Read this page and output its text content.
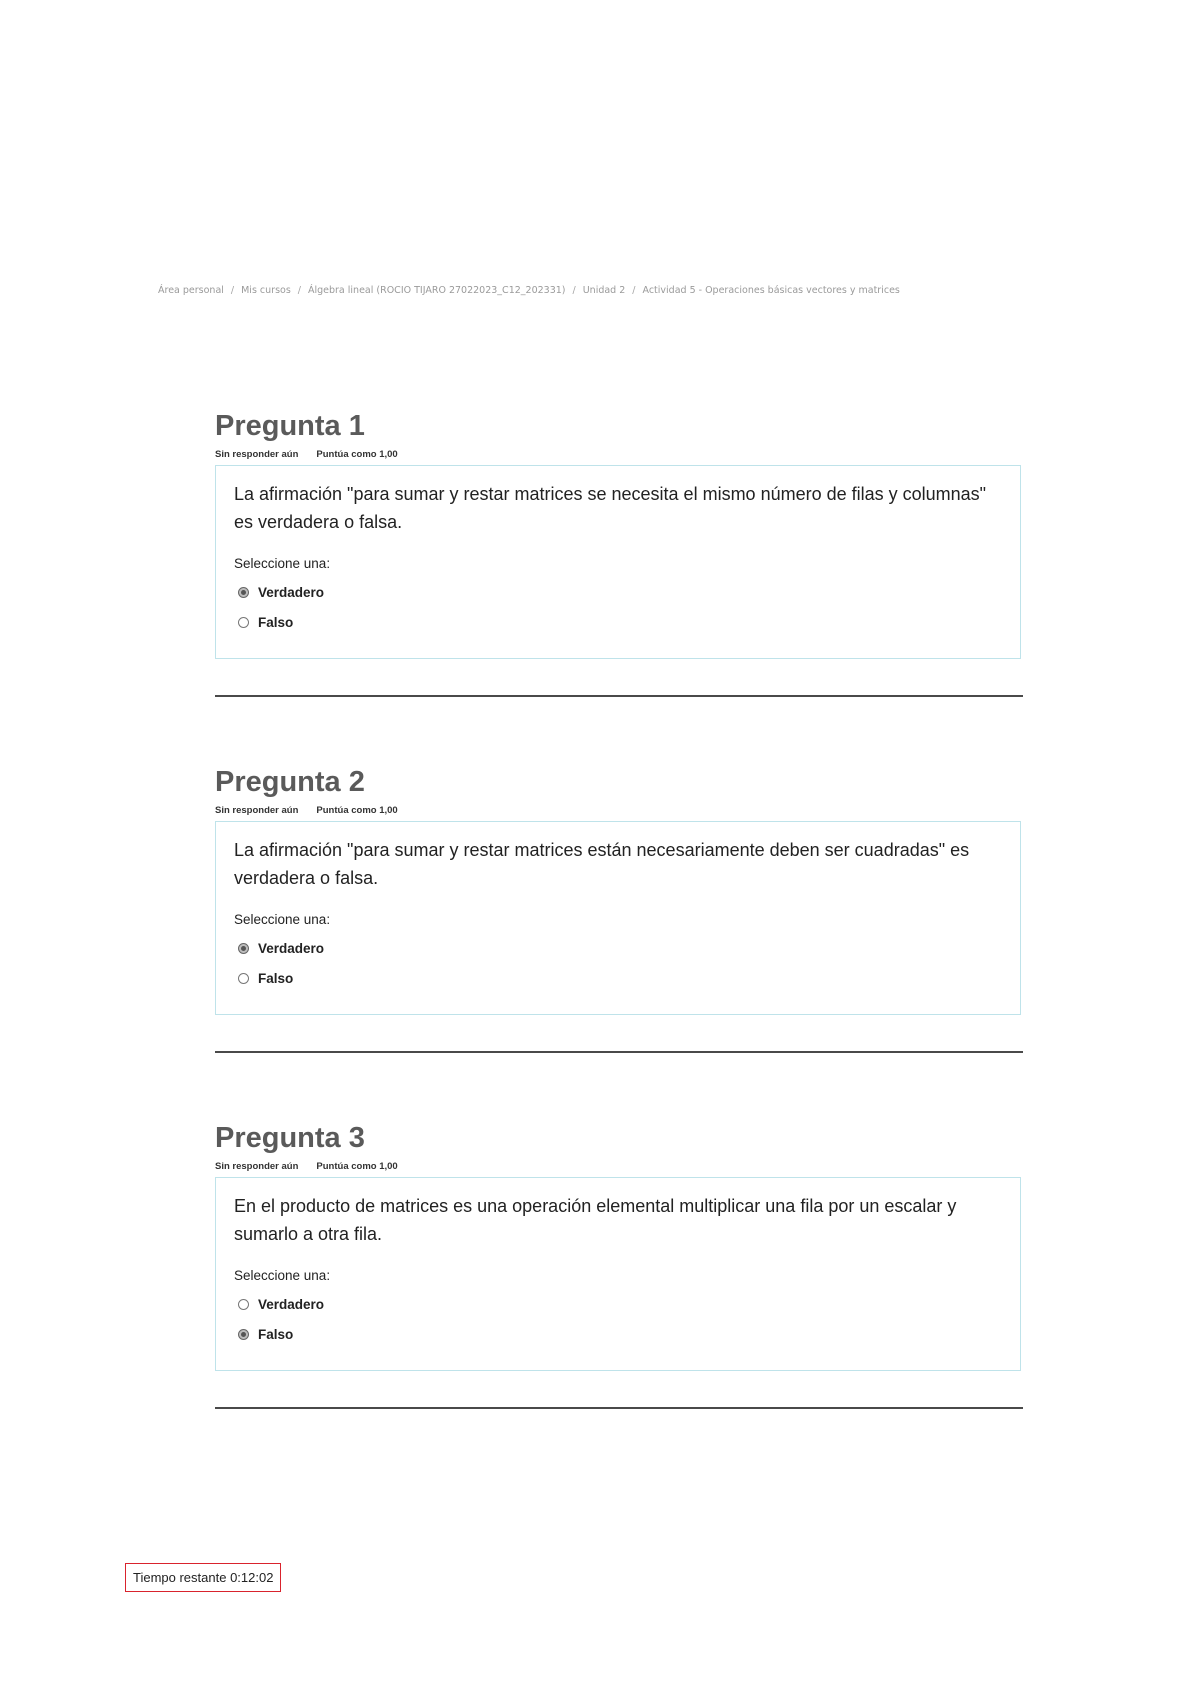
Área personal / Mis cursos / Álgebra lineal (ROCIO TIJARO 27022023_C12_202331) / Unidad 2 / Actividad 5 - Operaciones básicas vectores y matrices
Pregunta 1
Sin responder aún Puntúa como 1,00

La afirmación "para sumar y restar matrices se necesita el mismo número de filas y columnas" es verdadera o falsa.

Seleccione una:
Verdadero
Falso
Pregunta 2
Sin responder aún Puntúa como 1,00

La afirmación "para sumar y restar matrices están necesariamente deben ser cuadradas" es verdadera o falsa.

Seleccione una:
Verdadero
Falso
Pregunta 3
Sin responder aún Puntúa como 1,00

En el producto de matrices es una operación elemental multiplicar una fila por un escalar y sumarlo a otra fila.

Seleccione una:
Verdadero
Falso
Tiempo restante 0:12:02
